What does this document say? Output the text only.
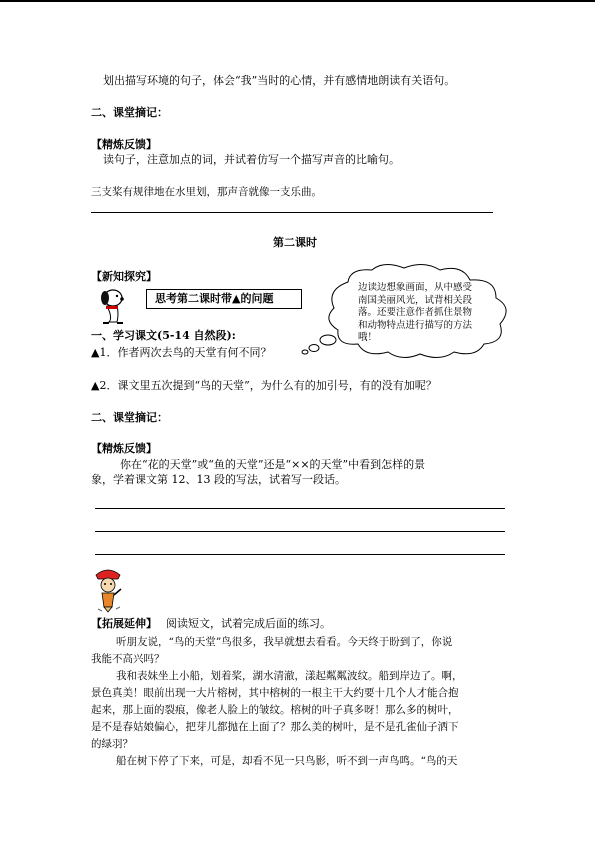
划出描写环境的句子，体会“我”当时的心情，并有感情地朗读有关语句。
二、课堂摘记：
【精炼反馈】
读句子，注意加点的词，并试着仿写一个描写声音的比喻句。
三支桨有规律地在水里划，那声音就像一支乐曲。
第二课时
【新知探究】
思考第二课时带▲的问题
边读边想象画面，从中感受南国美丽风光，试背相关段落。还要注意作者抓住景物和动物特点进行描写的方法哦！
一、学习课文(5-14 自然段):
▲1．作者两次去鸟的天堂有何不同？
▲2．课文里五次提到“鸟的天堂”，为什么有的加引号，有的没有加呢？
二、课堂摘记：
【精炼反馈】
你在“花的天堂”或“鱼的天堂”还是“××的天堂”中看到怎样的景
象，学着课文第 12、13 段的写法，试着写一段话。
【拓展延伸】 阅读短文，试着完成后面的练习。
听朋友说，“鸟的天堂”鸟很多，我早就想去看看。今天终于盼到了，你说
我能不高兴吗？
我和表妹坐上小船，划着桨，湖水清澈，漾起粼粼波纹。船到岸边了。啊，
景色真美！眼前出现一大片榕树，其中榕树的一根主干大约要十几个人才能合抱
起来，那上面的裂痕，像老人脸上的皱纹。榕树的叶子真多呀！那么多的树叶，
是不是春姑娘偏心，把芽儿都抛在上面了？那么美的树叶，是不是孔雀仙子洒下
的绿羽？
船在树下停了下来，可是，却看不见一只鸟影，听不到一声鸟鸣。“鸟的天
